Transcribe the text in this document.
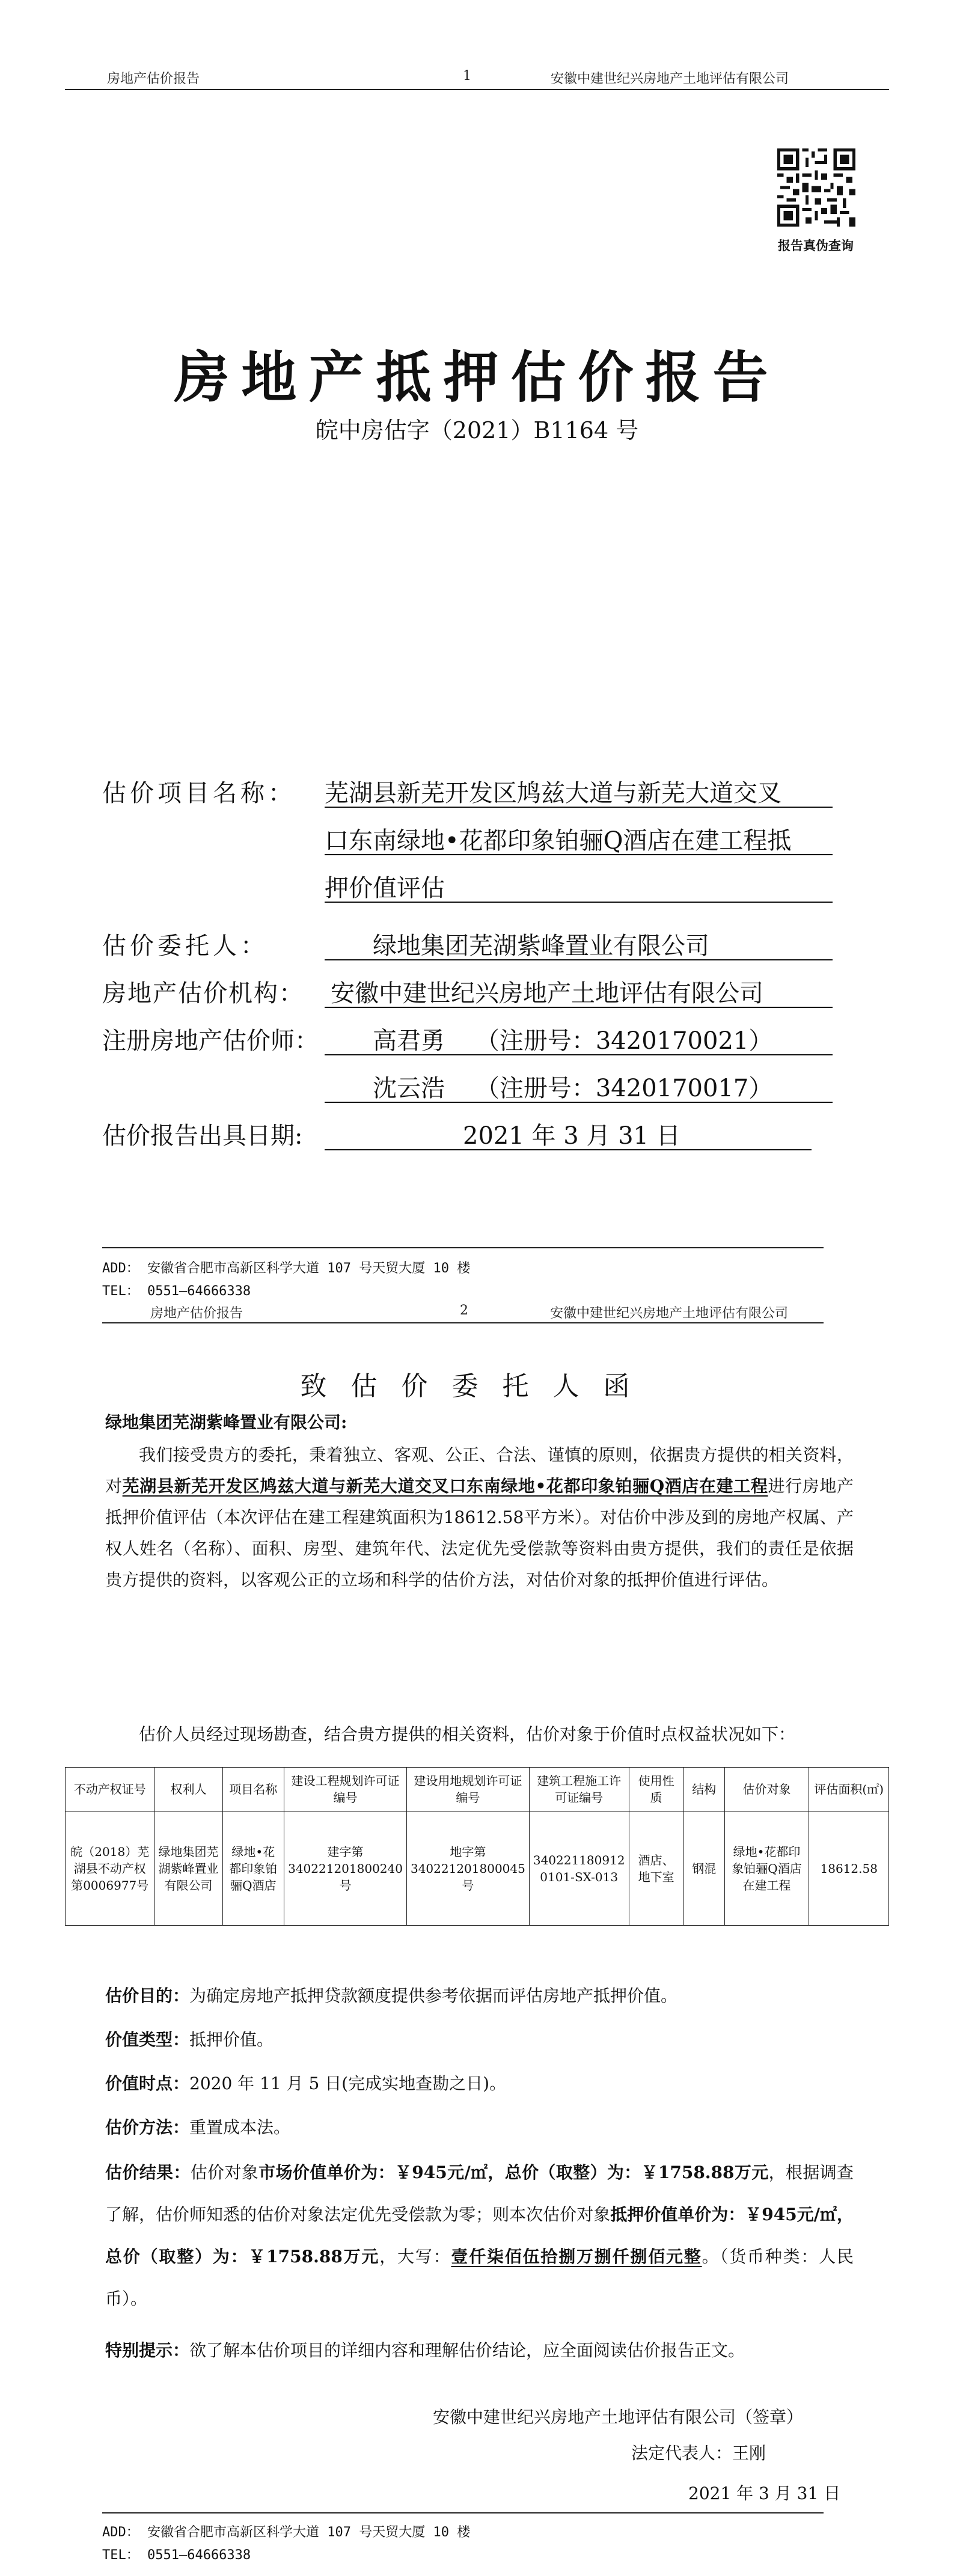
房地产估价报告	1	安徽中建世纪兴房地产土地评估有限公司
报告真伪查询
房地产抵押估价报告
皖中房估字（2021）B1164 号
估价项目名称： 芜湖县新芜开发区鸠兹大道与新芜大道交叉
口东南绿地•花都印象铂骊Q酒店在建工程抵
押价值评估
估价委托人：	绿地集团芜湖紫峰置业有限公司
房地产估价机构： 安徽中建世纪兴房地产土地评估有限公司
注册房地产估价师： 高君勇    （注册号：3420170021）
沈云浩    （注册号：3420170017）
估价报告出具日期:	2021 年 3 月 31 日
ADD： 安徽省合肥市高新区科学大道 107 号天贸大厦 10 楼
TEL： 0551—64666338
房地产估价报告	2	安徽中建世纪兴房地产土地评估有限公司
致估价委托人函
绿地集团芜湖紫峰置业有限公司:
我们接受贵方的委托，秉着独立、客观、公正、合法、谨慎的原则，依据贵方提供的相关资料，对芜湖县新芜开发区鸠兹大道与新芜大道交叉口东南绿地•花都印象铂骊Q酒店在建工程进行房地产抵押价值评估（本次评估在建工程建筑面积为18612.58平方米）。对估价中涉及到的房地产权属、产权人姓名（名称）、面积、房型、建筑年代、法定优先受偿款等资料由贵方提供，我们的责任是依据贵方提供的资料，以客观公正的立场和科学的估价方法，对估价对象的抵押价值进行评估。
估价人员经过现场勘查，结合贵方提供的相关资料，估价对象于价值时点权益状况如下：
不动产权证号	权利人	项目名称	建设工程规划许可证编号	建设用地规划许可证编号	建筑工程施工许可证编号	使用性质	结构	估价对象	评估面积(㎡)
皖（2018）芜湖县不动产权第0006977号	绿地集团芜湖紫峰置业有限公司	绿地•花都印象铂骊Q酒店	建字第340221201800240号	地字第340221201800045号	340221180912 0101-SX-013	酒店、地下室	钢混	绿地•花都印象铂骊Q酒店在建工程	18612.58
估价目的：为确定房地产抵押贷款额度提供参考依据而评估房地产抵押价值。
价值类型：抵押价值。
价值时点：2020 年 11 月 5 日(完成实地查勘之日)。
估价方法：重置成本法。
估价结果：估价对象市场价值单价为：￥945元/㎡，总价（取整）为：￥1758.88万元，根据调查了解，估价师知悉的估价对象法定优先受偿款为零；则本次估价对象抵押价值单价为：￥945元/㎡，总价（取整）为：￥1758.88万元，大写：壹仟柒佰伍拾捌万捌仟捌佰元整。（货币种类：人民币）。
特别提示：欲了解本估价项目的详细内容和理解估价结论，应全面阅读估价报告正文。
安徽中建世纪兴房地产土地评估有限公司（签章）
法定代表人：王刚
2021 年 3 月 31 日
ADD： 安徽省合肥市高新区科学大道 107 号天贸大厦 10 楼
TEL： 0551—64666338
